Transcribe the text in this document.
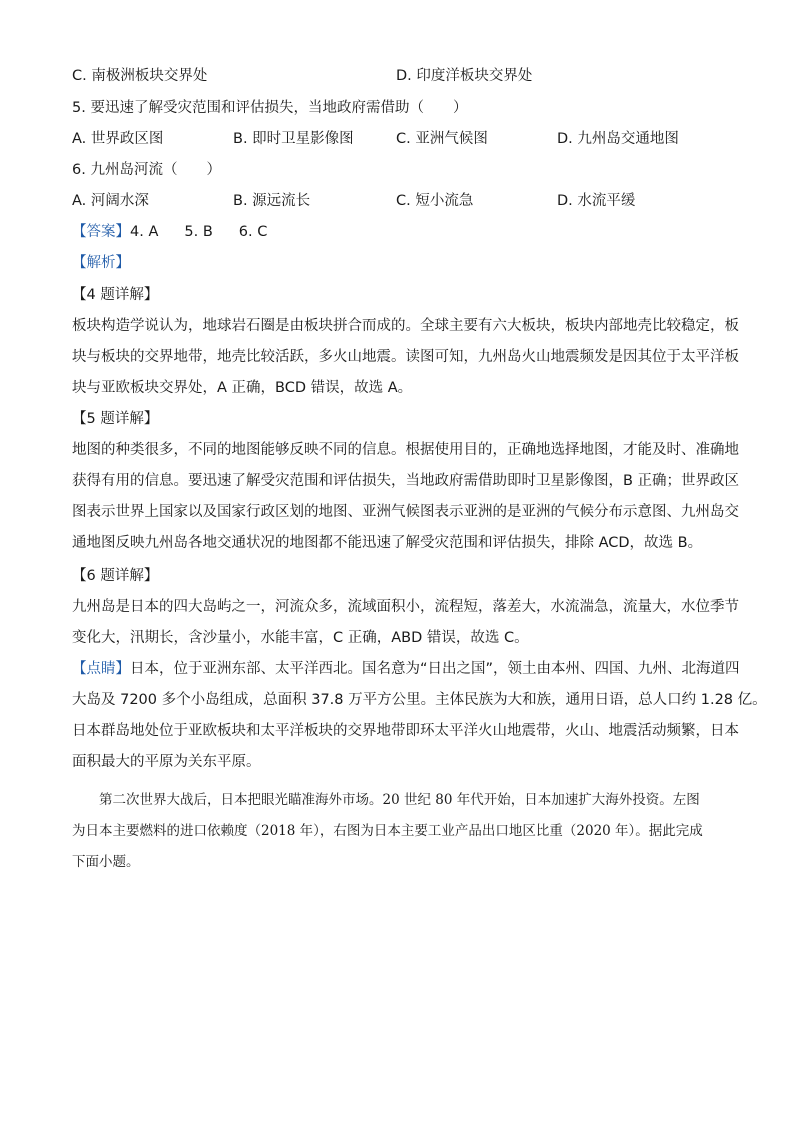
C. 南极洲板块交界处	D. 印度洋板块交界处
5. 要迅速了解受灾范围和评估损失，当地政府需借助（　　）
A. 世界政区图	B. 即时卫星影像图	C. 亚洲气候图	D. 九州岛交通地图
6. 九州岛河流（　　）
A. 河阔水深	B. 源远流长	C. 短小流急	D. 水流平缓
【答案】4. A 5. B 6. C
【解析】
【4 题详解】
板块构造学说认为，地球岩石圈是由板块拼合而成的。全球主要有六大板块，板块内部地壳比较稳定，板
块与板块的交界地带，地壳比较活跃，多火山地震。读图可知，九州岛火山地震频发是因其位于太平洋板
块与亚欧板块交界处，A 正确，BCD 错误，故选 A。
【5 题详解】
地图的种类很多，不同的地图能够反映不同的信息。根据使用目的，正确地选择地图，才能及时、准确地
获得有用的信息。要迅速了解受灾范围和评估损失，当地政府需借助即时卫星影像图，B 正确；世界政区
图表示世界上国家以及国家行政区划的地图、亚洲气候图表示亚洲的是亚洲的气候分布示意图、九州岛交
通地图反映九州岛各地交通状况的地图都不能迅速了解受灾范围和评估损失，排除 ACD，故选 B。
【6 题详解】
九州岛是日本的四大岛屿之一，河流众多，流域面积小，流程短，落差大，水流湍急，流量大，水位季节
变化大，汛期长，含沙量小，水能丰富，C 正确，ABD 错误，故选 C。
【点睛】日本，位于亚洲东部、太平洋西北。国名意为“日出之国”，领土由本州、四国、九州、北海道四
大岛及 7200 多个小岛组成，总面积 37.8 万平方公里。主体民族为大和族，通用日语，总人口约 1.28 亿。
日本群岛地处位于亚欧板块和太平洋板块的交界地带即环太平洋火山地震带，火山、地震活动频繁，日本
面积最大的平原为关东平原。
　　第二次世界大战后，日本把眼光瞄准海外市场。20 世纪 80 年代开始，日本加速扩大海外投资。左图
为日本主要燃料的进口依赖度（2018 年），右图为日本主要工业产品出口地区比重（2020 年）。据此完成
下面小题。
